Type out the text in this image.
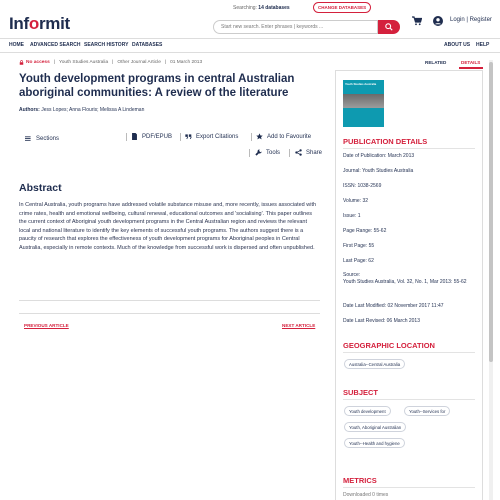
Informit
Searching: 14 databases	CHANGE DATABASES
Start new search. Enter phrases | keywords ...
Login | Register
HOME ADVANCED SEARCH SEARCH HISTORY DATABASES	ABOUT US HELP
No access | Youth Studies Australia | Other Journal Article | 01 March 2013
Youth development programs in central Australian aboriginal communities: A review of the literature
Authors: Jess Lopes; Anna Flouris; Melissa A Lindeman
Sections	PDF/EPUB	Export Citations	Add to Favourite
Tools	Share
Abstract
In Central Australia, youth programs have addressed volatile substance misuse and, more recently, issues associated with crime rates, health and emotional wellbeing, cultural renewal, educational outcomes and 'socialising'. This paper outlines the current context of Aboriginal youth development programs in the Central Australian region and reviews the relevant local and national literature to identify the key elements of successful youth programs. The authors suggest there is a paucity of research that explores the effectiveness of youth development programs for Aboriginal peoples in Central Australia, especially in remote contexts. Much of the knowledge from successful work is dispersed and often unpublished.
PREVIOUS ARTICLE	NEXT ARTICLE
RELATED	DETAILS
Youth Studies Australia
PUBLICATION DETAILS
Date of Publication: March 2013
Journal: Youth Studies Australia
ISSN: 1038-2569
Volume: 32
Issue: 1
Page Range: 55-62
First Page: 55
Last Page: 62
Source:
Youth Studies Australia, Vol. 32, No. 1, Mar 2013: 55-62
Date Last Modified: 02 November 2017 11:47
Date Last Revised: 06 March 2013
GEOGRAPHIC LOCATION
Australia--Central Australia
SUBJECT
Youth development	Youth--Services for
Youth, Aboriginal Australian
Youth--Health and hygiene
METRICS
Downloaded 0 times
